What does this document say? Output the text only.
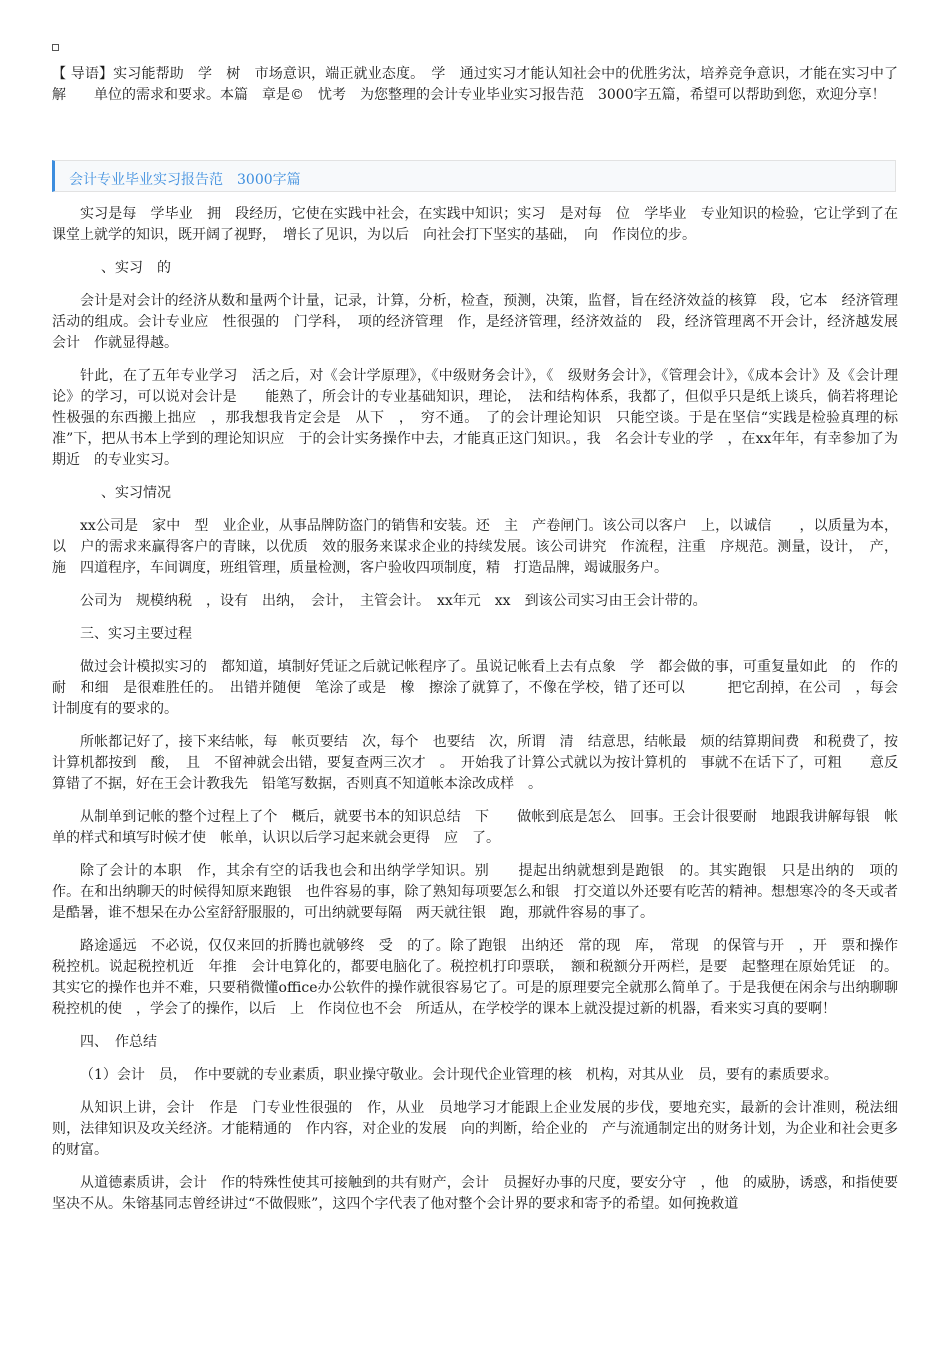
【 导语】实习能帮助　学　树　市场意识，端正就业态度。　学　通过实习才能认知社会中的优胜劣汰，培养竞争意识，才能在实习中了解　　单位的需求和要求。本篇　章是©　忧考　为您整理的会计专业毕业实习报告范　3000字五篇，希望可以帮助到您，欢迎分享！
会计专业毕业实习报告范　3000字篇

实习是每　学毕业　拥　段经历，它使在实践中社会，在实践中知识；实习　是对每　位　学毕业　专业知识的检验，它让学到了在课堂上就学的知识，既开阔了视野，　增长了见识，为以后　向社会打下坚实的基础，　向　作岗位的步。

、实习　的

会计是对会计的经济从数和量两个计量，记录，计算，分析，检查，预测，决策，监督，旨在经济效益的核算　段，它本　经济管理活动的组成。会计专业应　性很强的　门学科，　项的经济管理　作，是经济管理，经济效益的　段，经济管理离不开会计，经济越发展会计　作就显得越。

针此，在了五年专业学习　活之后，对《会计学原理》，《中级财务会计》，《　级财务会计》，《管理会计》，《成本会计》及《会计理论》的学习，可以说对会计是　　能熟了，所会计的专业基础知识，理论，　法和结构体系，我都了，但似乎只是纸上谈兵，倘若将理论性极强的东西搬上拙应　，那我想我肯定会是　从下　，　穷不通。　了的会计理论知识　只能空谈。于是在坚信“实践是检验真理的标准”下，把从书本上学到的理论知识应　于的会计实务操作中去，才能真正这门知识。，我　名会计专业的学　，在xx年年，有幸参加了为期近　的专业实习。

、实习情况

xx公司是　家中　型　业企业，从事品牌防盗门的销售和安装。还　主　产卷闸门。该公司以客户　上，以诚信　　，以质量为本，以　户的需求来赢得客户的青睐，以优质　效的服务来谋求企业的持续发展。该公司讲究　作流程，注重　序规范。测量，设计，　产，施　四道程序，车间调度，班组管理，质量检测，客户验收四项制度，精　打造品牌，竭诚服务户。

公司为　规模纳税　，设有　出纳，　会计，　主管会计。　xx年元　xx　到该公司实习由王会计带的。

三、实习主要过程

做过会计模拟实习的　都知道，填制好凭证之后就记帐程序了。虽说记帐看上去有点象　学　都会做的事，可重复量如此　的　作的耐　和细　是很难胜任的。　出错并随便　笔涂了或是　橡　擦涂了就算了，不像在学校，错了还可以　　　把它刮掉，在公司　，每会计制度有的要求的。

所帐都记好了，接下来结帐，每　帐页要结　次，每个　也要结　次，所谓　清　结意思，结帐最　烦的结算期间费　和税费了，按计算机都按到　酸，　且　不留神就会出错，要复查两三次才　。　开始我了计算公式就以为按计算机的　事就不在话下了，可粗　　意反　算错了不据，好在王会计教我先　铅笔写数据，否则真不知道帐本涂改成样　。

从制单到记帐的整个过程上了个　概后，就要书本的知识总结　下　　做帐到底是怎么　回事。王会计很要耐　地跟我讲解每银　帐单的样式和填写时候才使　帐单，认识以后学习起来就会更得　应　了。

除了会计的本职　作，其余有空的话我也会和出纳学学知识。别　　提起出纳就想到是跑银　的。其实跑银　只是出纳的　项的　作。在和出纳聊天的时候得知原来跑银　也件容易的事，除了熟知每项要怎么和银　打交道以外还要有吃苦的精神。想想寒冷的冬天或者是酷暑，谁不想呆在办公室舒舒服服的，可出纳就要每隔　两天就往银　跑，那就件容易的事了。

路途遥远　不必说，仅仅来回的折腾也就够终　受　的了。除了跑银　出纳还　常的现　库，　常现　的保管与开　，开　票和操作税控机。说起税控机近　年推　会计电算化的，都要电脑化了。税控机打印票联，　额和税额分开两栏，是要　起整理在原始凭证　的。其实它的操作也并不难，只要稍微懂office办公软件的操作就很容易它了。可是的原理要完全就那么简单了。于是我便在闲余与出纳聊聊税控机的使　，学会了的操作，以后　上　作岗位也不会　所适从，在学校学的课本上就没提过新的机器，看来实习真的要啊！

四、　作总结

（1）会计　员，　作中要就的专业素质，职业操守敬业。会计现代企业管理的核　机构，对其从业　员，要有的素质要求。

从知识上讲，会计　作是　门专业性很强的　作，从业　员地学习才能跟上企业发展的步伐，要地充实，最新的会计准则，税法细则，法律知识及攻关经济。才能精通的　作内容，对企业的发展　向的判断，给企业的　产与流通制定出的财务计划，为企业和社会更多的财富。

从道德素质讲，会计　作的特殊性使其可接触到的共有财产，会计　员握好办事的尺度，要安分守　，他　的威胁，诱惑，和指使要坚决不从。朱镕基同志曾经讲过“不做假账”，这四个字代表了他对整个会计界的要求和寄予的希望。如何挽救道
